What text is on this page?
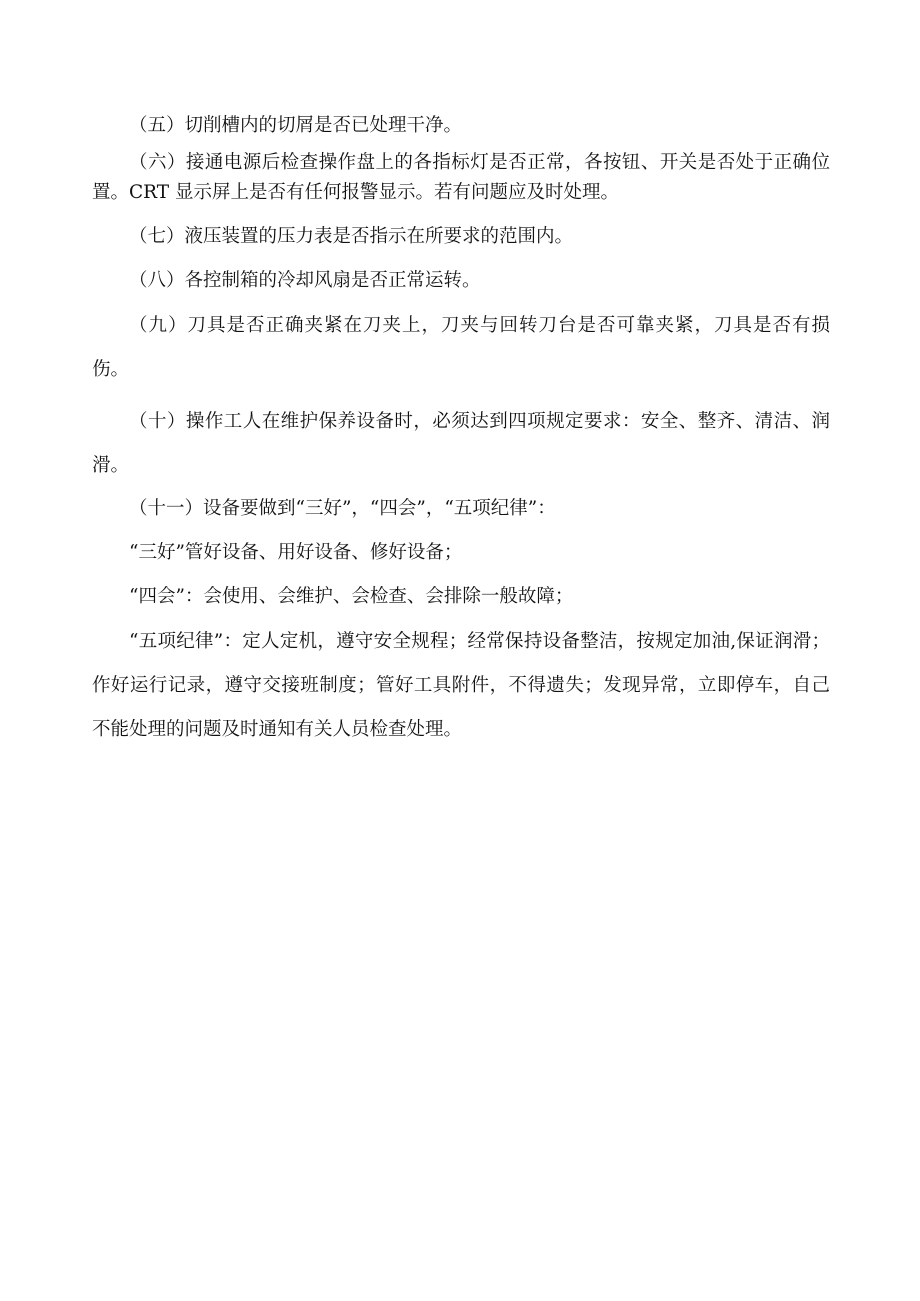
（五）切削槽内的切屑是否已处理干净。

（六）接通电源后检查操作盘上的各指标灯是否正常，各按钮、开关是否处于正确位置。CRT 显示屏上是否有任何报警显示。若有问题应及时处理。

（七）液压装置的压力表是否指示在所要求的范围内。

（八）各控制箱的冷却风扇是否正常运转。

（九）刀具是否正确夹紧在刀夹上，刀夹与回转刀台是否可靠夹紧，刀具是否有损伤。

（十）操作工人在维护保养设备时，必须达到四项规定要求：安全、整齐、清洁、润滑。

（十一）设备要做到“三好”，“四会”，“五项纪律”：

“三好”管好设备、用好设备、修好设备；

“四会”：会使用、会维护、会检查、会排除一般故障；

“五项纪律”：定人定机，遵守安全规程；经常保持设备整洁，按规定加油,保证润滑；作好运行记录，遵守交接班制度；管好工具附件，不得遗失；发现异常，立即停车，自己不能处理的问题及时通知有关人员检查处理。
